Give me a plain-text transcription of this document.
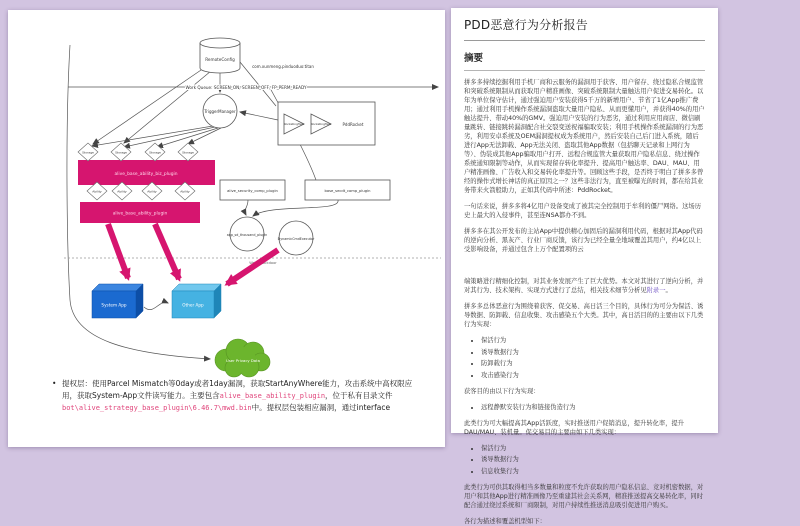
Write Backdoor
RemoteConfig
com.xunmeng.pinduoduo:titan
Work Queue: SCREEN_ON, SCREEN_OFF, FP_PERM_READY
TriggerManager
RocketingTask RocketingTask	PddRocket
alive_base_ability_biz_plugin
Storage	Storage	Storage	Storage
Ability	Ability	Ability	Ability
alive_base_ability_plugin
alive_security_comp_plugin	base_secdt_comp_plugin
app_sd_thousand_plugin
DynamicCmdExecutor
System App	Other App
User Privacy Data
• 提权层：使用Parcel Mismatch等0day或者1day漏洞，获取StartAnyWhere能力，攻击系统中高权限应用，获取System-App文件读写能力。主要包含alive_base_ability_plugin，位于私有目录文件bot\alive_strategy_base_plugin\6.46.7\mwd.bin中。提权层包装相应漏洞，通过interface
PDD恶意行为分析报告
摘要

拼多多持续挖掘利用手机厂商和云服务的漏洞用于获客、用户留存、绕过隐私合规监管和突破系统限制从而获取用户精准画像、突破系统限制大量触达用户促进交易转化。以年为单位保守估计，通过强迫用户安装获得5千万的新增用户、节省了1亿App推广费用；通过利用手机操作系统漏洞盗取大量用户隐私、从而更懂用户，并获得40%的用户触达提升、带动40%的GMV。强迫用户安装的行为恶劣，通过利用应用商店、微信刷量跳转、链接跳转漏洞配合社交裂变送祝福骗取安装；利用手机操作系统漏洞的行为恶劣，利用安卓系统及OEM漏洞提权成为系统用户，然后安装自己后门进入系统，随后进行App无法卸载、App无法关闭、盗取其他App数据（包括聊天记录和上网行为等）、伪装成其他App骗取用户打开、远程合规监管大量获取用户隐私信息、绕过操作系统通知限制等动作，从而实现留存转化率提升、提高用户触达率、DAU、MAU、用户精准画像、广告收入和交易转化率提升等。回顾这些手段，是否终于明白了拼多多曾经的操作式增长神话的真正原因之一？这些非法行为，直至被曝光的时间，都在给其业务带来火箭般助力，正如其代码中所述：PddRocket。

一句话来说，拼多多将4亿用户设备变成了被其完全控制用于牟利的僵尸网络。这场历史上最大的入侵事件，甚至连NSA都办不到。

拼多多在其公开发布的主站App中提供精心加固后的漏洞利用代码，根据对其App代码的逆向分析、黑灰产、行业厂商反馈，该行为已经全量全地域覆盖其用户，约4亿以上受影响设备，并通过包含上万个配置项的云

端策略进行精细化控制，对其业务发展产生了巨大优势。本文对其进行了逆向分析，并对其行为、技术架构、实现方式进行了总结，相关技术细节分析见附录一。

拼多多总体恶意行为围绕着获客、促交易、高日活三个目的，具体行为可分为保活、诱导数据、防卸载、信息收集、攻击感染五个大类。其中，高日活目的的主要由以下几类行为实现：

• 保活行为
• 诱导数据行为
• 防卸载行为
• 攻击感染行为

获客目的由以下行为实现：

• 远程静默安装行为和链接伪造行为

此类行为可大幅提高其App活跃度，实时推送用户促销消息，提升转化率，提升DAU/MAU、装机量。促交易目的主要由如下几类实现：

• 保活行为
• 诱导数据行为
• 信息收集行为

此类行为可供其取得相当多数量和粒度不允许获取的用户隐私信息、竞对机密数据，对用户和其他App进行精准画像乃至重建其社会关系网，精准推送提高交易转化率，同时配合通过绕过系统和厂商限制，对用户持续性推送消息吸引促进用户购买。

各行为描述和覆盖机型如下：
